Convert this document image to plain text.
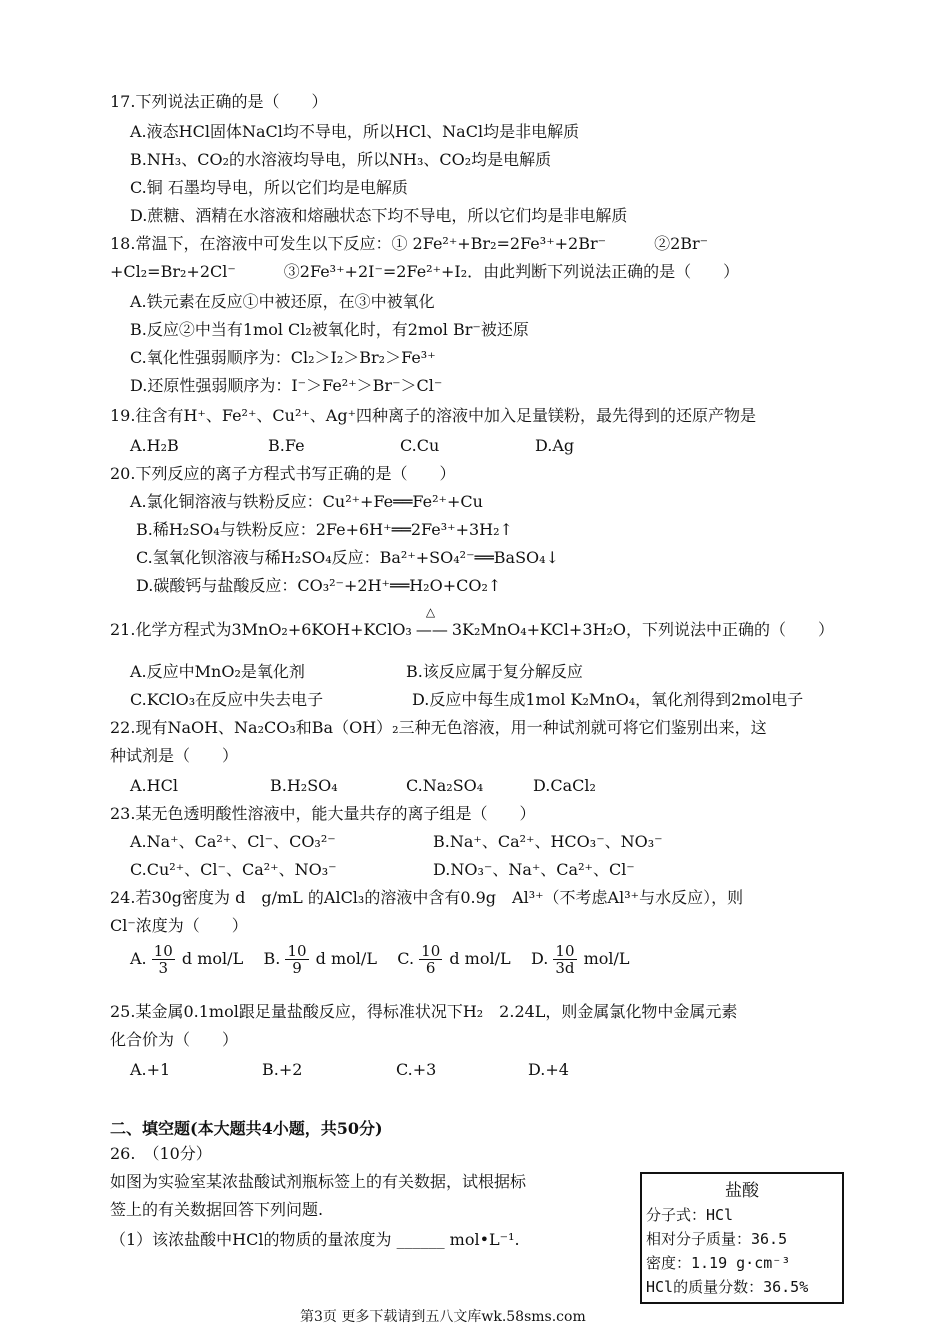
17.下列说法正确的是（　　）
A.液态HCl固体NaCl均不导电，所以HCl、NaCl均是非电解质
B.NH₃、CO₂的水溶液均导电，所以NH₃、CO₂均是电解质
C.铜 石墨均导电，所以它们均是电解质
D.蔗糖、酒精在水溶液和熔融状态下均不导电，所以它们均是非电解质
18.常温下，在溶液中可发生以下反应：① 2Fe²⁺+Br₂=2Fe³⁺+2Br⁻　　　②2Br⁻
+Cl₂=Br₂+2Cl⁻　　　③2Fe³⁺+2I⁻=2Fe²⁺+I₂．由此判断下列说法正确的是（　　）
A.铁元素在反应①中被还原，在③中被氧化
B.反应②中当有1mol Cl₂被氧化时，有2mol Br⁻被还原
C.氧化性强弱顺序为：Cl₂＞I₂＞Br₂＞Fe³⁺
D.还原性强弱顺序为：I⁻＞Fe²⁺＞Br⁻＞Cl⁻
19.往含有H⁺、Fe²⁺、Cu²⁺、Ag⁺四种离子的溶液中加入足量镁粉，最先得到的还原产物是
A.H₂B	B.Fe	C.Cu	D.Ag
20.下列反应的离子方程式书写正确的是（　　）
A.氯化铜溶液与铁粉反应：Cu²⁺+Fe══Fe²⁺+Cu
B.稀H₂SO₄与铁粉反应：2Fe+6H⁺══2Fe³⁺+3H₂↑
C.氢氧化钡溶液与稀H₂SO₄反应：Ba²⁺+SO₄²⁻══BaSO₄↓
D.碳酸钙与盐酸反应：CO₃²⁻+2H⁺══H₂O+CO₂↑
21.化学方程式为3MnO₂+6KOH+KClO₃
△
—— 3K₂MnO₄+KCl+3H₂O，下列说法中正确的（　　）
A.反应中MnO₂是氧化剂	B.该反应属于复分解反应
C.KClO₃在反应中失去电子	D.反应中每生成1mol K₂MnO₄，氧化剂得到2mol电子
22.现有NaOH、Na₂CO₃和Ba（OH）₂三种无色溶液，用一种试剂就可将它们鉴别出来，这
种试剂是（　　）
A.HCl	B.H₂SO₄	C.Na₂SO₄	D.CaCl₂
23.某无色透明酸性溶液中，能大量共存的离子组是（　　）
A.Na⁺、Ca²⁺、Cl⁻、CO₃²⁻	B.Na⁺、Ca²⁺、HCO₃⁻、NO₃⁻
C.Cu²⁺、Cl⁻、Ca²⁺、NO₃⁻	D.NO₃⁻、Na⁺、Ca²⁺、Cl⁻
24.若30g密度为 d　g/mL 的AlCl₃的溶液中含有0.9g　Al³⁺（不考虑Al³⁺与水反应），则
Cl⁻浓度为（　　）
A. $\frac{10}{3}$ d mol/L B. $\frac{10}{9}$ d mol/L C. $\frac{10}{6}$ d mol/L D. $\frac{10}{3d} mol/L$
25.某金属0.1mol跟足量盐酸反应，得标准状况下H₂　2.24L，则金属氯化物中金属元素
化合价为（　　）
A.+1	B.+2	C.+3	D.+4
二、填空题(本大题共4小题，共50分)
26.　（10分）
如图为实验室某浓盐酸试剂瓶标签上的有关数据，试根据标
签上的有关数据回答下列问题.
（1）该浓盐酸中HCl的物质的量浓度为 ______ mol•L⁻¹.
盐酸
分子式：HCl
相对分子质量：36.5
密度：1.19 g·cm⁻³
HCl的质量分数：36.5%
第3页 更多下载请到五八文库wk.58sms.com
